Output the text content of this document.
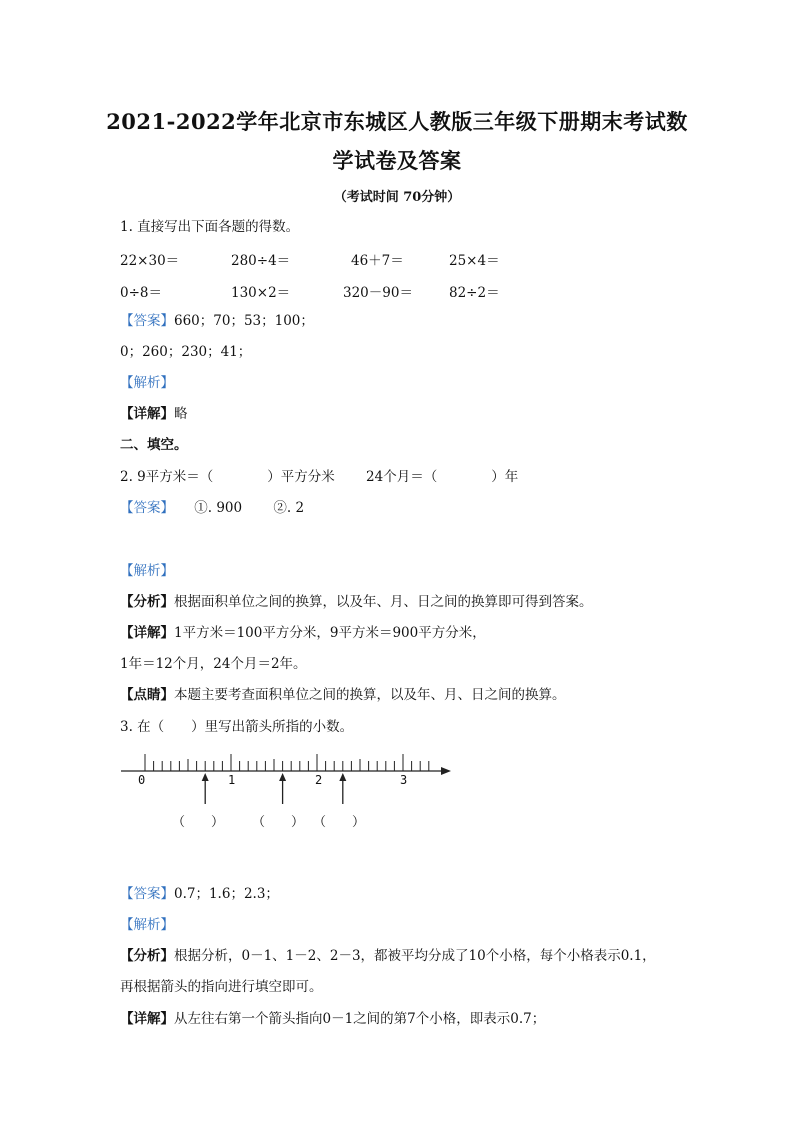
2021-2022学年北京市东城区人教版三年级下册期末考试数
学试卷及答案
（考试时间 70分钟）
1. 直接写出下面各题的得数。
22×30＝	280÷4＝	46＋7＝	25×4＝
0÷8＝	130×2＝	320－90＝	82÷2＝
【答案】660；70；53；100；
0；260；230；41；
【解析】
【详解】略
二、填空。
2. 9平方米＝（　　　　）平方分米　　 24个月＝（　　　　）年
【答案】　　①. 900　　 ②. 2
【解析】
【分析】根据面积单位之间的换算，以及年、月、日之间的换算即可得到答案。
【详解】1平方米＝100平方分米，9平方米＝900平方分米，
1年＝12个月，24个月＝2年。
【点睛】本题主要考查面积单位之间的换算，以及年、月、日之间的换算。
3. 在（　　）里写出箭头所指的小数。
0	1	2	3
（　　） （　　） （　　）
【答案】0.7；1.6；2.3；
【解析】
【分析】根据分析，0－1、1－2、2－3，都被平均分成了10个小格，每个小格表示0.1，
再根据箭头的指向进行填空即可。
【详解】从左往右第一个箭头指向0－1之间的第7个小格，即表示0.7；
